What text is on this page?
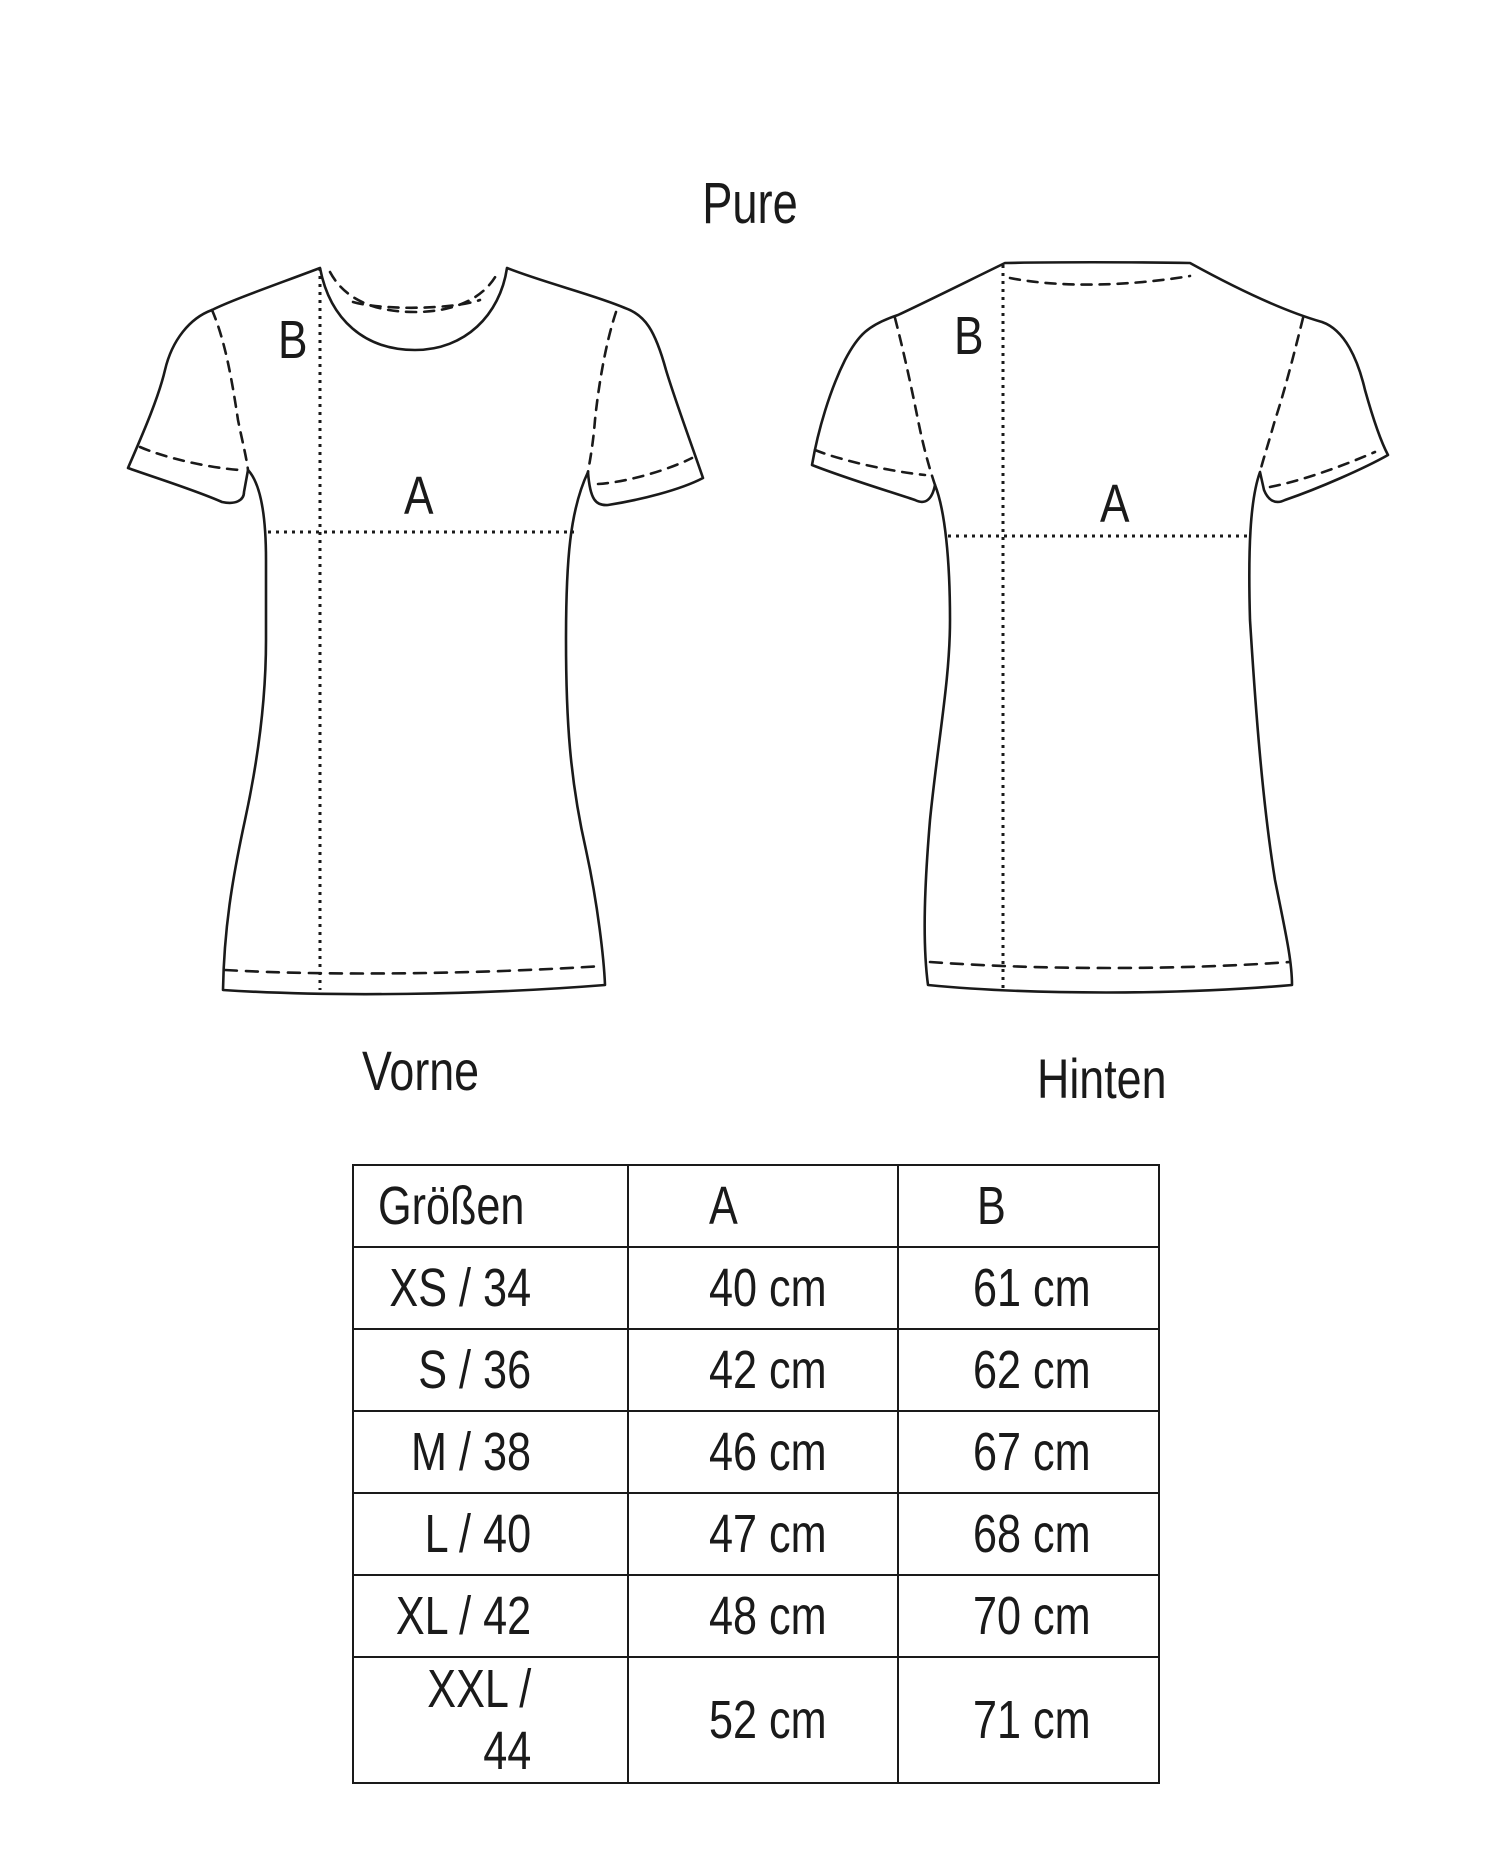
Pure
B
A
B
A
Vorne	Hinten
Größen	A	B
XS / 34	40 cm	61 cm
S / 36	42 cm	62 cm
M / 38	46 cm	67 cm
L / 40	47 cm	68 cm
XL / 42	48 cm	70 cm
XXL / 44	52 cm	71 cm
